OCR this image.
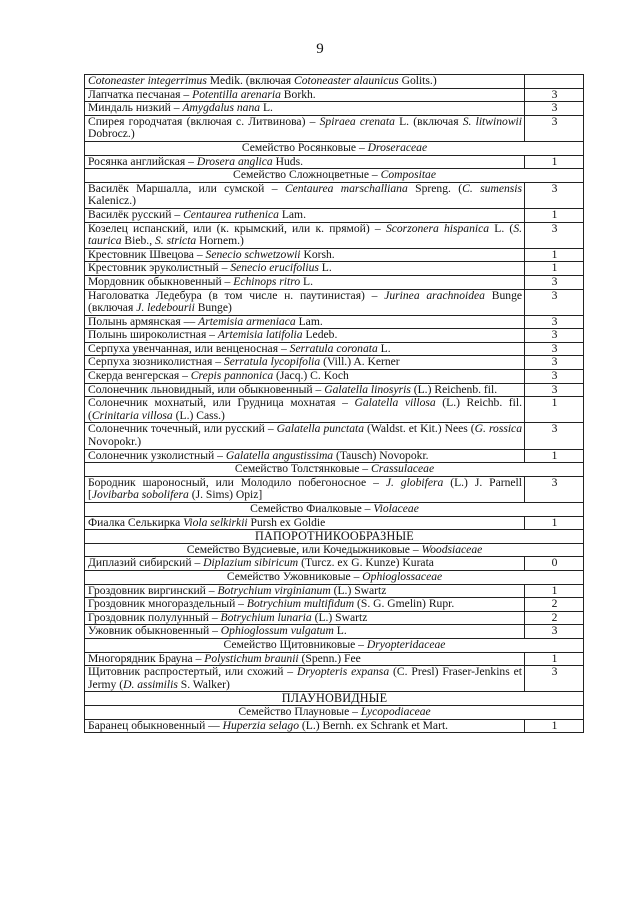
9
Cotoneaster integerrimus Medik. (включая Cotoneaster alaunicus Golits.)	
Лапчатка песчаная – Potentilla arenaria Borkh.	3
Миндаль низкий – Amygdalus nana L.	3
Спирея городчатая (включая с. Литвинова) – Spiraea crenata L. (включая S. litwinowii Dobrocz.)	3
Семейство Росянковые – Droseraceae	
Росянка английская – Drosera anglica Huds.	1
Семейство Сложноцветные – Compositae	
Василёк Маршалла, или сумской – Centaurea marschalliana Spreng. (C. sumensis Kalenicz.)	3
Василёк русский – Centaurea ruthenica Lam.	1
Козелец испанский, или (к. крымский, или к. прямой) – Scorzonera hispanica L. (S. taurica Bieb., S. stricta Hornem.)	3
Крестовник Швецова – Senecio schwetzowii Korsh.	1
Крестовник эруколистный – Senecio erucifolius L.	1
Мордовник обыкновенный – Echinops ritro L.	3
Наголоватка Ледебура (в том числе н. паутинистая) – Jurinea arachnoidea Bunge (включая J. ledebourii Bunge)	3
Полынь армянская — Artemisia armeniaca Lam.	3
Полынь широколистная – Artemisia latifolia Ledeb.	3
Серпуха увенчанная, или венценосная – Serratula coronata L.	3
Серпуха зюзниколистная – Serratula lycopifolia (Vill.) A. Kerner	3
Скерда венгерская – Crepis pannonica (Jacq.) C. Koch	3
Солонечник льновидный, или обыкновенный – Galatella linosyris (L.) Reichenb. fil.	3
Солонечник мохнатый, или Грудница мохнатая – Galatella villosa (L.) Reichb. fil. (Crinitaria villosa (L.) Cass.)	1
Солонечник точечный, или русский – Galatella punctata (Waldst. et Kit.) Nees (G. rossica Novopokr.)	3
Солонечник узколистный – Galatella angustissima (Tausch) Novopokr.	1
Семейство Толстянковые – Crassulaceae	
Бородник шароносный, или Молодило побегоносное – J. globifera (L.) J. Parnell [Jovibarba sobolifera (J. Sims) Opiz]	3
Семейство Фиалковые – Violaceae	
Фиалка Селькирка Viola selkirkii Pursh ex Goldie	1
ПАПОРОТНИКООБРАЗНЫЕ	
Семейство Вудсиевые, или Кочедыжниковые – Woodsiaceae	
Диплазий сибирский – Diplazium sibiricum (Turcz. ex G. Kunze) Kurata	0
Семейство Ужовниковые – Ophioglossaceae	
Гроздовник виргинский – Botrychium virginianum (L.) Swartz	1
Гроздовник многораздельный – Botrychium multifidum (S. G. Gmelin) Rupr.	2
Гроздовник полулунный – Botrychium lunaria (L.) Swartz	2
Ужовник обыкновенный – Ophioglossum vulgatum L.	3
Семейство Щитовниковые – Dryopteridaceae	
Многорядник Брауна – Polystichum braunii (Spenn.) Fee	1
Щитовник распростертый, или схожий – Dryopteris expansa (C. Presl) Fraser-Jenkins et Jermy (D. assimilis S. Walker)	3
ПЛАУНОВИДНЫЕ	
Семейство Плауновые – Lycopodiaceae	
Баранец обыкновенный — Huperzia selago (L.) Bernh. ex Schrank et Mart.	1
